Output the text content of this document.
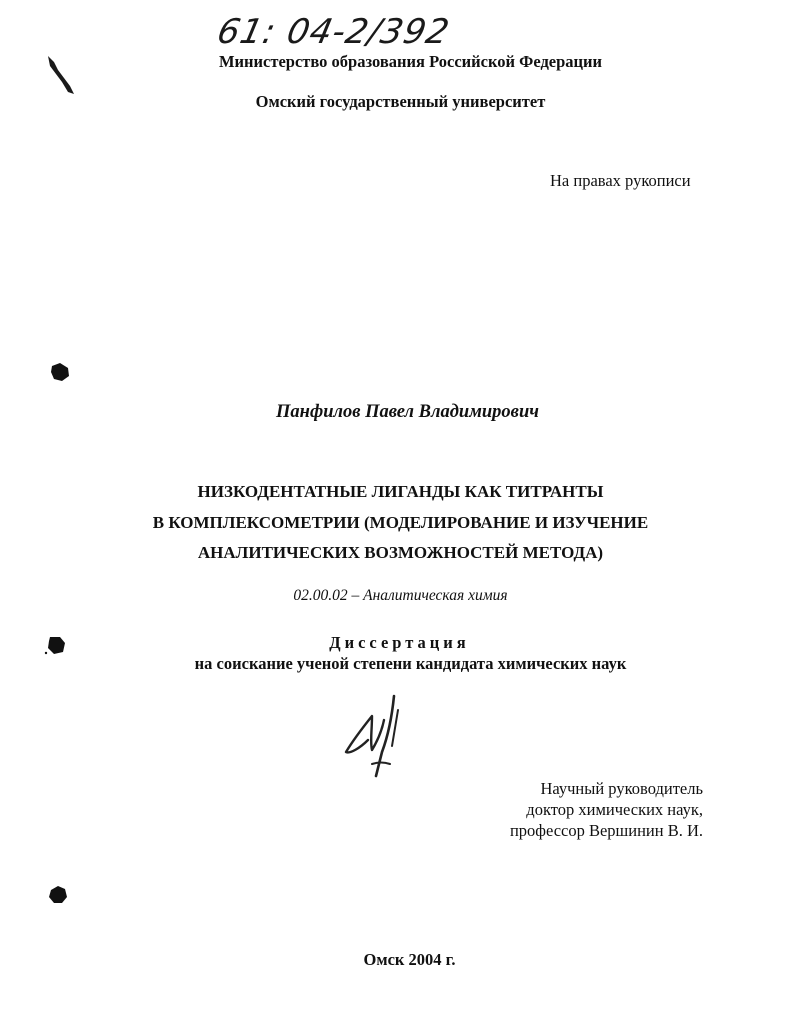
61: 04-2/392
Министерство образования Российской Федерации
Омский государственный университет
На правах рукописи
Панфилов Павел Владимирович
НИЗКОДЕНТАТНЫЕ ЛИГАНДЫ КАК ТИТРАНТЫ
В КОМПЛЕКСОМЕТРИИ (МОДЕЛИРОВАНИЕ И ИЗУЧЕНИЕ
АНАЛИТИЧЕСКИХ ВОЗМОЖНОСТЕЙ МЕТОДА)
02.00.02 – Аналитическая химия
Диссертация
на соискание ученой степени кандидата химических наук
Научный руководитель
доктор химических наук,
профессор Вершинин В. И.
Омск 2004 г.
